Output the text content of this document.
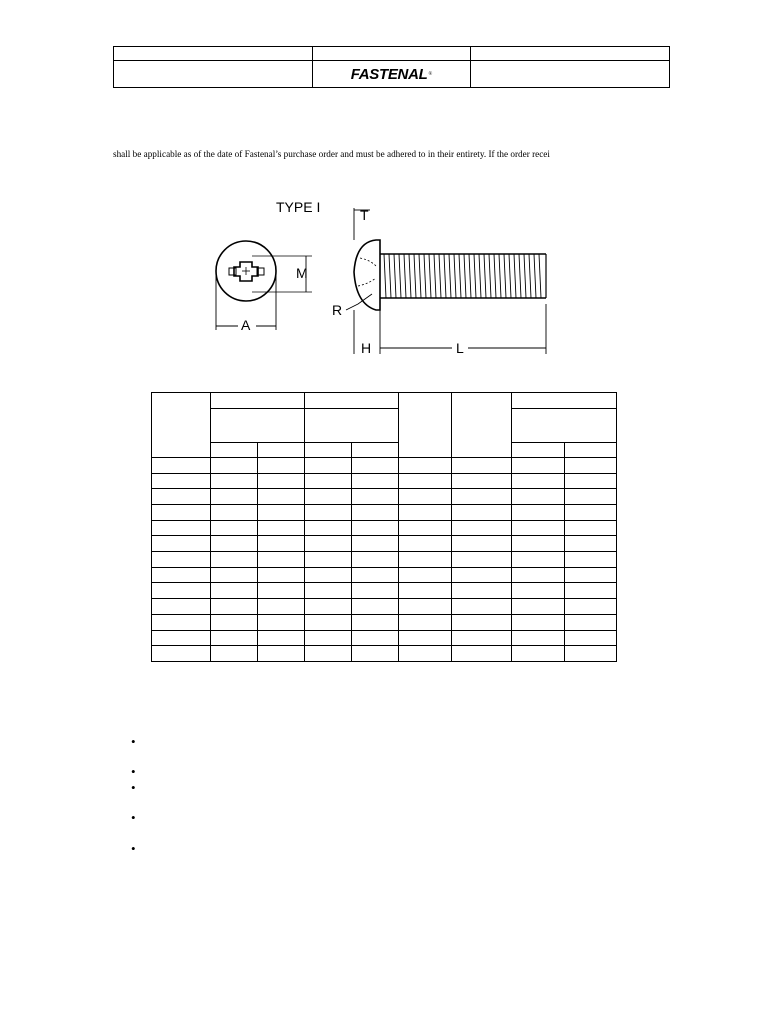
	FASTENAL ®	

shall be applicable as of the date of Fastenal’s purchase order and must be adhered to in their entirety. If the order recei
TYPE I
M
A
T
R
H	L

•
•
•
•
•
